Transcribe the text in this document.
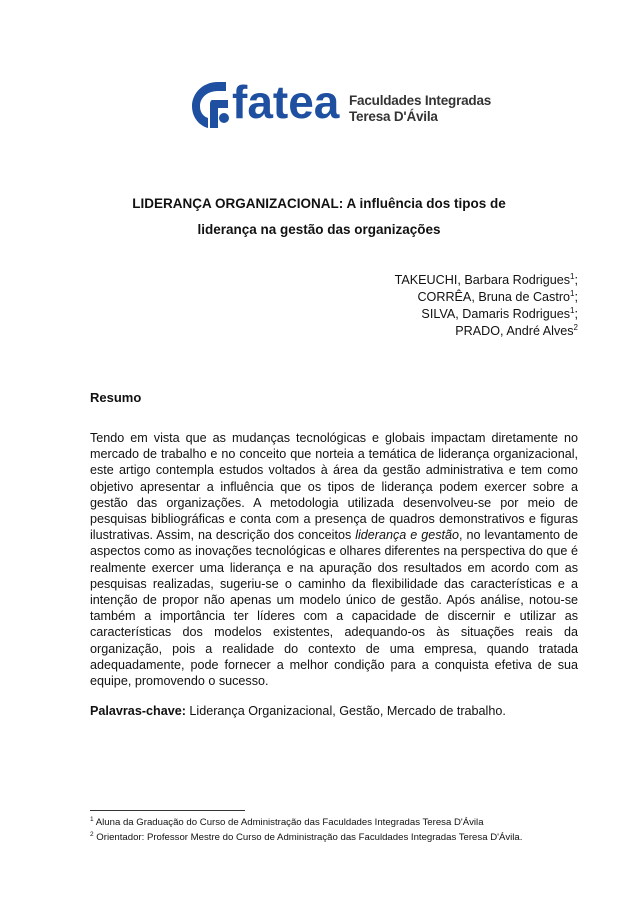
fatea Faculdades Integradas
Teresa D'Ávila
LIDERANÇA ORGANIZACIONAL: A influência dos tipos de
liderança na gestão das organizações
TAKEUCHI, Barbara Rodrigues$^1$;
CORRÊA, Bruna de Castro$^1$;
SILVA, Damaris Rodrigues$^1$;
PRADO, André Alves$^2$
Resumo
Tendo em vista que as mudanças tecnológicas e globais impactam diretamente no mercado de trabalho e no conceito que norteia a temática de liderança organizacional, este artigo contempla estudos voltados à área da gestão administrativa e tem como objetivo apresentar a influência que os tipos de liderança podem exercer sobre a gestão das organizações. A metodologia utilizada desenvolveu-se por meio de pesquisas bibliográficas e conta com a presença de quadros demonstrativos e figuras ilustrativas. Assim, na descrição dos conceitos liderança e gestão, no levantamento de aspectos como as inovações tecnológicas e olhares diferentes na perspectiva do que é realmente exercer uma liderança e na apuração dos resultados em acordo com as pesquisas realizadas, sugeriu-se o caminho da flexibilidade das características e a intenção de propor não apenas um modelo único de gestão. Após análise, notou-se também a importância ter líderes com a capacidade de discernir e utilizar as características dos modelos existentes, adequando-os às situações reais da organização, pois a realidade do contexto de uma empresa, quando tratada adequadamente, pode fornecer a melhor condição para a conquista efetiva de sua equipe, promovendo o sucesso.
Palavras-chave: Liderança Organizacional, Gestão, Mercado de trabalho.
$^1$ Aluna da Graduação do Curso de Administração das Faculdades Integradas Teresa D'Ávila
$^2$ Orientador: Professor Mestre do Curso de Administração das Faculdades Integradas Teresa D'Ávila.
